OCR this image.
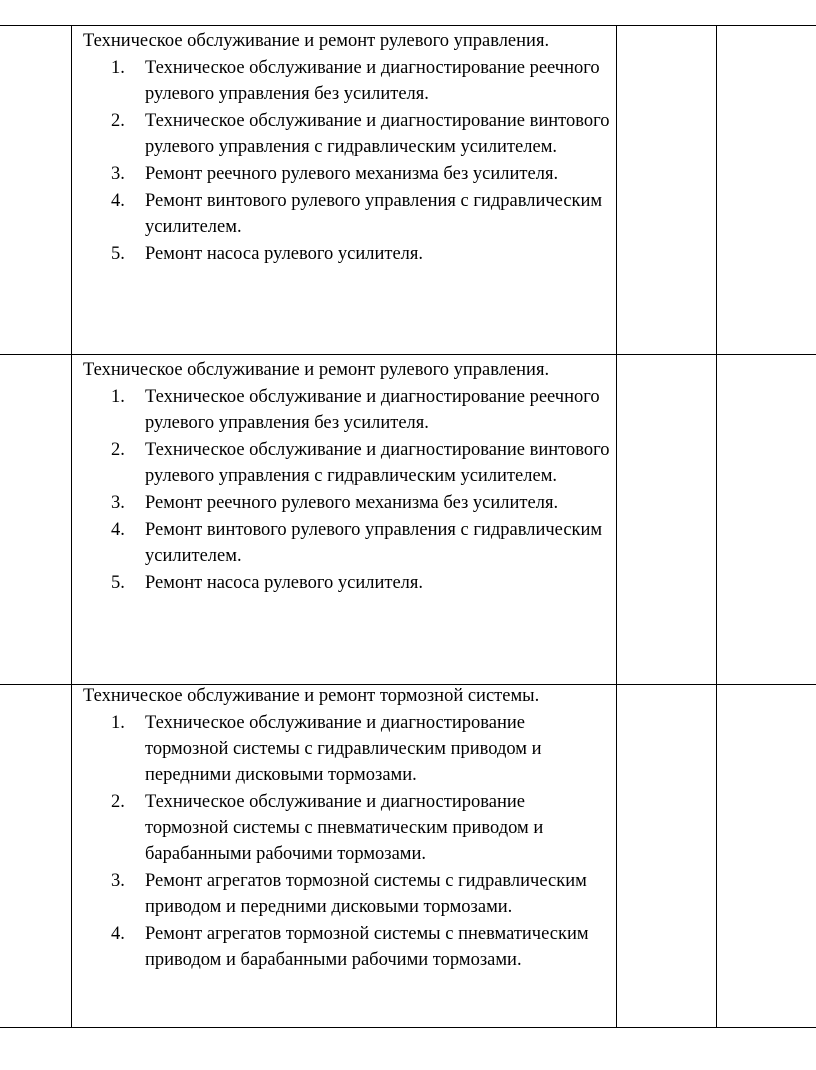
Техническое обслуживание и ремонт рулевого управления.

1. Техническое обслуживание и диагностирование реечного рулевого управления без усилителя.
2. Техническое обслуживание и диагностирование винтового рулевого управления с гидравлическим усилителем.
3. Ремонт реечного рулевого механизма без усилителя.
4. Ремонт винтового рулевого управления с гидравлическим усилителем.
5. Ремонт насоса рулевого усилителя.

Техническое обслуживание и ремонт рулевого управления.

1. Техническое обслуживание и диагностирование реечного рулевого управления без усилителя.
2. Техническое обслуживание и диагностирование винтового рулевого управления с гидравлическим усилителем.
3. Ремонт реечного рулевого механизма без усилителя.
4. Ремонт винтового рулевого управления с гидравлическим усилителем.
5. Ремонт насоса рулевого усилителя.

Техническое обслуживание и ремонт тормозной системы.

1. Техническое обслуживание и диагностирование тормозной системы с гидравлическим приводом и передними дисковыми тормозами.
2. Техническое обслуживание и диагностирование тормозной системы с пневматическим приводом и барабанными рабочими тормозами.
3. Ремонт агрегатов тормозной системы с гидравлическим приводом и передними дисковыми тормозами.
4. Ремонт агрегатов тормозной системы с пневматическим приводом и барабанными рабочими тормозами.
